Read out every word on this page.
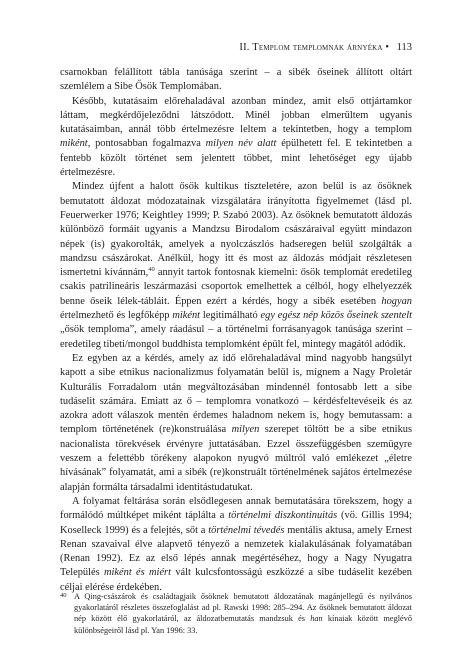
II. Templom templomnak árnyéka • 113

csarnokban felállított tábla tanúsága szerint – a sibék őseinek állított oltárt szemlélem a Sibe Ősök Templomában.

Később, kutatásaim előrehaladával azonban mindez, amit első ottjártamkor láttam, megkérdőjeleződni látszódott. Minél jobban elmerültem ugyanis kutatásaimban, annál több értelmezésre leltem a tekintetben, hogy a templom miként, pontosabban fogalmazva milyen név alatt épülhetett fel. E tekintetben a fentebb közölt történet sem jelentett többet, mint lehetőséget egy újabb értelmezésre.

Mindez újfent a halott ősök kultikus tiszteletére, azon belül is az ősöknek bemutatott áldozat módozatainak vizsgálatára irányította figyelmemet (lásd pl. Feuerwerker 1976; Keightley 1999; P. Szabó 2003). Az ősöknek bemutatott áldozás különböző formáit ugyanis a Mandzsu Birodalom császáraival együtt mindazon népek (is) gyakorolták, amelyek a nyolczászlós hadseregen belül szolgálták a mandzsu császárokat. Anélkül, hogy itt és most az áldozás módjait részletesen ismertetni kívánnám,$^{40}$ annyit tartok fontosnak kiemelni: ősök templomát eredetileg csakis patrilineáris leszármazási csoportok emelhettek a célból, hogy elhelyezzék benne őseik lélek-tábláit. Éppen ezért a kérdés, hogy a sibék esetében hogyan értelmezhető és legfőképp miként legitimálható egy egész nép közös őseinek szentelt „ősök temploma”, amely ráadásul – a történelmi forrásanyagok tanúsága szerint – eredetileg tibeti/mongol buddhista templomként épült fel, mintegy magától adódik.

Ez egyben az a kérdés, amely az idő előrehaladával mind nagyobb hangsúlyt kapott a sibe etnikus nacionalizmus folyamatán belül is, mígnem a Nagy Proletár Kulturális Forradalom után megváltozásában mindennél fontosabb lett a sibe tudáselit számára. Emiatt az ő – templomra vonatkozó – kérdésfeltevéseik és az azokra adott válaszok mentén érdemes haladnom nekem is, hogy bemutassam: a templom történetének (re)konstruálása milyen szerepet töltött be a sibe etnikus nacionalista törekvések érvényre juttatásában. Ezzel összefüggésben szemügyre veszem a felettébb törékeny alapokon nyugvó múltról való emlékezet „életre hívásának” folyamatát, ami a sibék (re)konstruált történelmének sajátos értelmezése alapján formálta társadalmi identitástudatukat.

A folyamat feltárása során elsődlegesen annak bemutatására törekszem, hogy a formálódó múltképet miként táplálta a történelmi diszkontinuitás (vö. Gillis 1994; Koselleck 1999) és a felejtés, sőt a történelmi tévedés mentális aktusa, amely Ernest Renan szavaival élve alapvető tényező a nemzetek kialakulásának folyamatában (Renan 1992). Ez az első lépés annak megértéséhez, hogy a Nagy Nyugatra Település miként és miért vált kulcsfontosságú eszközzé a sibe tudáselit kezében céljai elérése érdekében.

40 A Qing-császárok és családtagjaik ősöknek bemutatott áldozatának magánjellegű és nyilvános gyakorlatáról részletes összefoglalást ad pl. Rawski 1998: 285–294. Az ősöknek bemutatott áldozat nép között élő gyakorlatáról, az áldozatbemutatás mandzsuk és han kínaiak között meglévő különbségeiről lásd pl. Yan 1996: 33.
